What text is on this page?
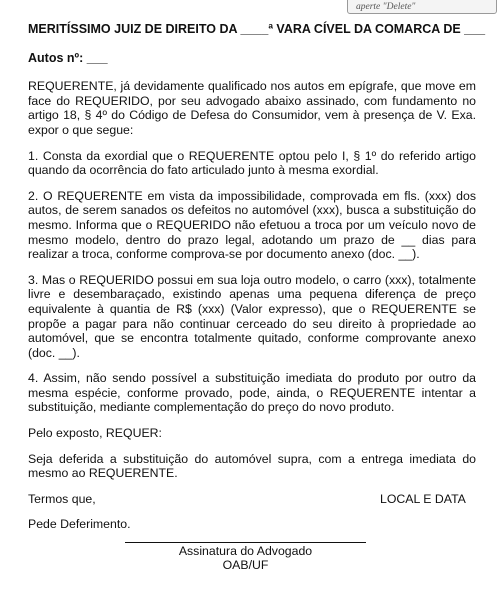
aperte "Delete"
MERITÍSSIMO JUIZ DE DIREITO DA ____ª VARA CÍVEL DA COMARCA DE ___
Autos nº: ___

REQUERENTE, já devidamente qualificado nos autos em epígrafe, que move em face do REQUERIDO, por seu advogado abaixo assinado, com fundamento no artigo 18, § 4º do Código de Defesa do Consumidor, vem à presença de V. Exa. expor o que segue:

1. Consta da exordial que o REQUERENTE optou pelo I, § 1º do referido artigo quando da ocorrência do fato articulado junto à mesma exordial.

2. O REQUERENTE em vista da impossibilidade, comprovada em fls. (xxx) dos autos, de serem sanados os defeitos no automóvel (xxx), busca a substituição do mesmo. Informa que o REQUERIDO não efetuou a troca por um veículo novo de mesmo modelo, dentro do prazo legal, adotando um prazo de __ dias para realizar a troca, conforme comprova-se por documento anexo (doc. __).

3. Mas o REQUERIDO possui em sua loja outro modelo, o carro (xxx), totalmente livre e desembaraçado, existindo apenas uma pequena diferença de preço equivalente à quantia de R$ (xxx) (Valor expresso), que o REQUERENTE se propõe a pagar para não continuar cerceado do seu direito à propriedade ao automóvel, que se encontra totalmente quitado, conforme comprovante anexo (doc. __).

4. Assim, não sendo possível a substituição imediata do produto por outro da mesma espécie, conforme provado, pode, ainda, o REQUERENTE intentar a substituição, mediante complementação do preço do novo produto.

Pelo exposto, REQUER:

Seja deferida a substituição do automóvel supra, com a entrega imediata do mesmo ao REQUERENTE.

Termos que,

Pede Deferimento.

LOCAL E DATA
Assinatura do Advogado
OAB/UF
